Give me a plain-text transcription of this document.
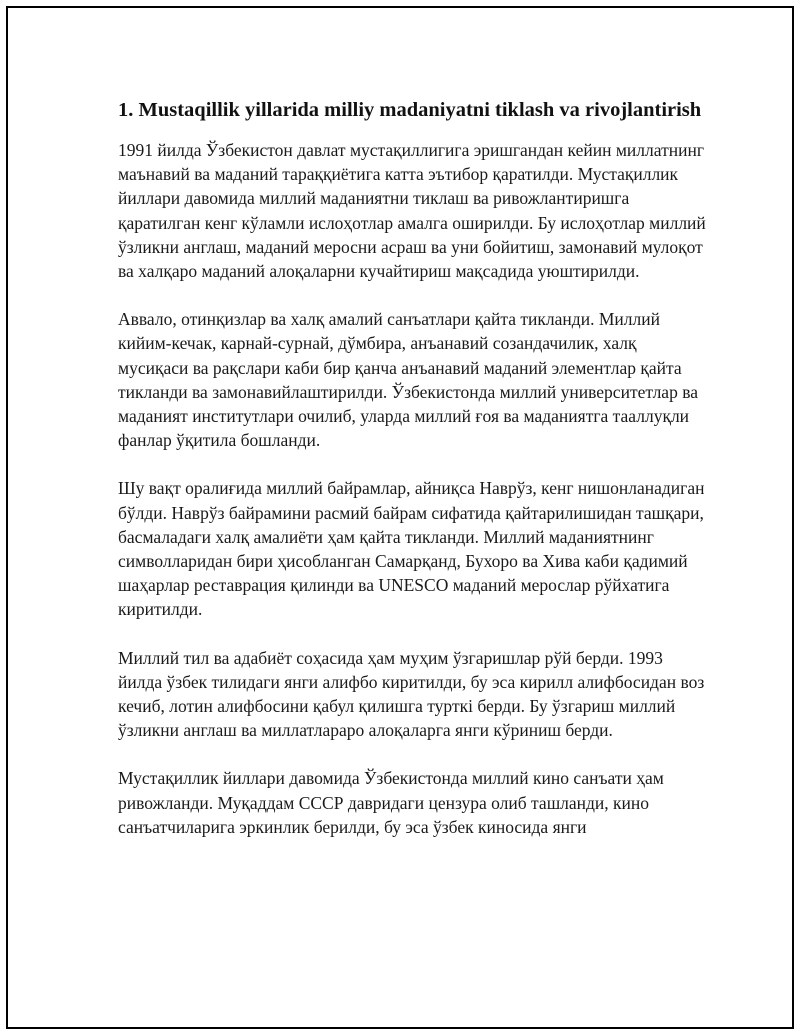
1. Mustaqillik yillarida milliy madaniyatni tiklash va rivojlantirish

1991 йилда Ўзбекистон давлат мустақиллигига эришгандан кейин миллатнинг маънавий ва маданий тараққиётига катта эътибор қаратилди. Мустақиллик йиллари давомида миллий маданиятни тиклаш ва ривожлантиришга қаратилган кенг кўламли ислоҳотлар амалга оширилди. Бу ислоҳотлар миллий ўзликни англаш, маданий меросни асраш ва уни бойитиш, замонавий мулоқот ва халқаро маданий алоқаларни кучайтириш мақсадида уюштирилди.

Аввало, отинқизлар ва халқ амалий санъатлари қайта тикланди. Миллий кийим-кечак, карнай-сурнай, дўмбира, анъанавий созандачилик, халқ мусиқаси ва рақслари каби бир қанча анъанавий маданий элементлар қайта тикланди ва замонавийлаштирилди. Ўзбекистонда миллий университетлар ва маданият институтлари очилиб, уларда миллий ғоя ва маданиятга тааллуқли фанлар ўқитила бошланди.

Шу вақт оралиғида миллий байрамлар, айниқса Наврўз, кенг нишонланадиган бўлди. Наврўз байрамини расмий байрам сифатида қайтарилишидан ташқари, басмаладаги халқ амалиёти ҳам қайта тикланди. Миллий маданиятнинг символларидан бири ҳисобланган Самарқанд, Бухоро ва Хива каби қадимий шаҳарлар реставрация қилинди ва UNESCO маданий мерослар рўйхатига киритилди.

Миллий тил ва адабиёт соҳасида ҳам муҳим ўзгаришлар рўй берди. 1993 йилда ўзбек тилидаги янги алифбо киритилди, бу эса кирилл алифбосидан воз кечиб, лотин алифбосини қабул қилишга турткі берди. Бу ўзгариш миллий ўзликни англаш ва миллатлараро алоқаларга янги кўриниш берди.

Мустақиллик йиллари давомида Ўзбекистонда миллий кино санъати ҳам ривожланди. Муқаддам СССР давридаги цензура олиб ташланди, кино санъатчиларига эркинлик берилди, бу эса ўзбек киносида янги
